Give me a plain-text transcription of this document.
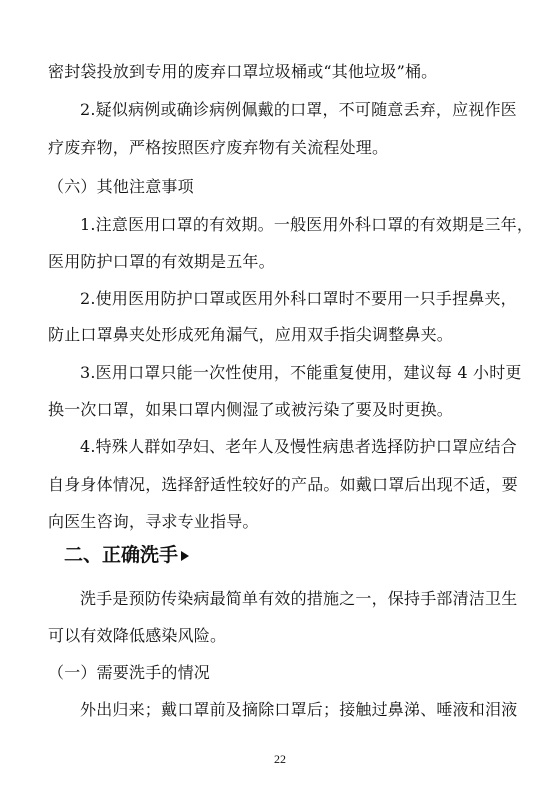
密封袋投放到专用的废弃口罩垃圾桶或“其他垃圾”桶。
2.疑似病例或确诊病例佩戴的口罩，不可随意丢弃，应视作医
疗废弃物，严格按照医疗废弃物有关流程处理。
（六）其他注意事项
1.注意医用口罩的有效期。一般医用外科口罩的有效期是三年，
医用防护口罩的有效期是五年。
2.使用医用防护口罩或医用外科口罩时不要用一只手捏鼻夹，
防止口罩鼻夹处形成死角漏气，应用双手指尖调整鼻夹。
3.医用口罩只能一次性使用，不能重复使用，建议每 4 小时更
换一次口罩，如果口罩内侧湿了或被污染了要及时更换。
4.特殊人群如孕妇、老年人及慢性病患者选择防护口罩应结合
自身身体情况，选择舒适性较好的产品。如戴口罩后出现不适，要
向医生咨询，寻求专业指导。
二、正确洗手
洗手是预防传染病最简单有效的措施之一，保持手部清洁卫生
可以有效降低感染风险。
（一）需要洗手的情况
外出归来；戴口罩前及摘除口罩后；接触过鼻涕、唾液和泪液
22
